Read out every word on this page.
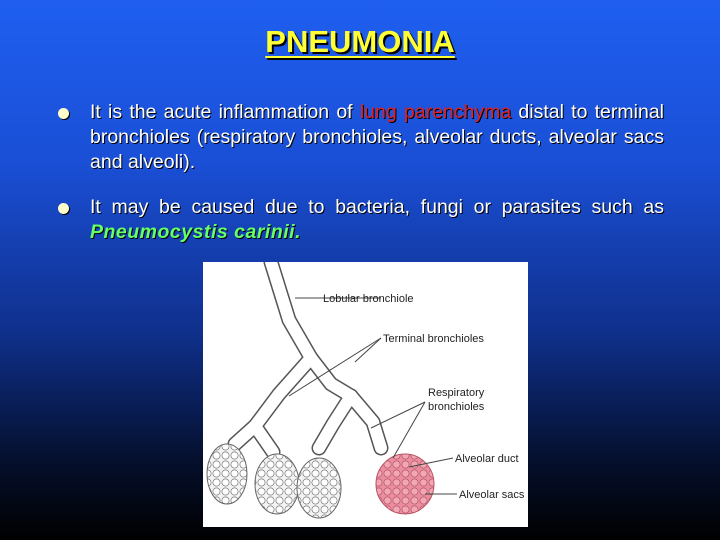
PNEUMONIA
It is the acute inflammation of lung parenchyma distal to terminal bronchioles (respiratory bronchioles, alveolar ducts, alveolar sacs and alveoli).
It may be caused due to bacteria, fungi or parasites such as Pneumocystis carinii.
Lobular bronchiole
Terminal bronchioles
Respiratory
bronchioles
Alveolar duct
Alveolar sacs
